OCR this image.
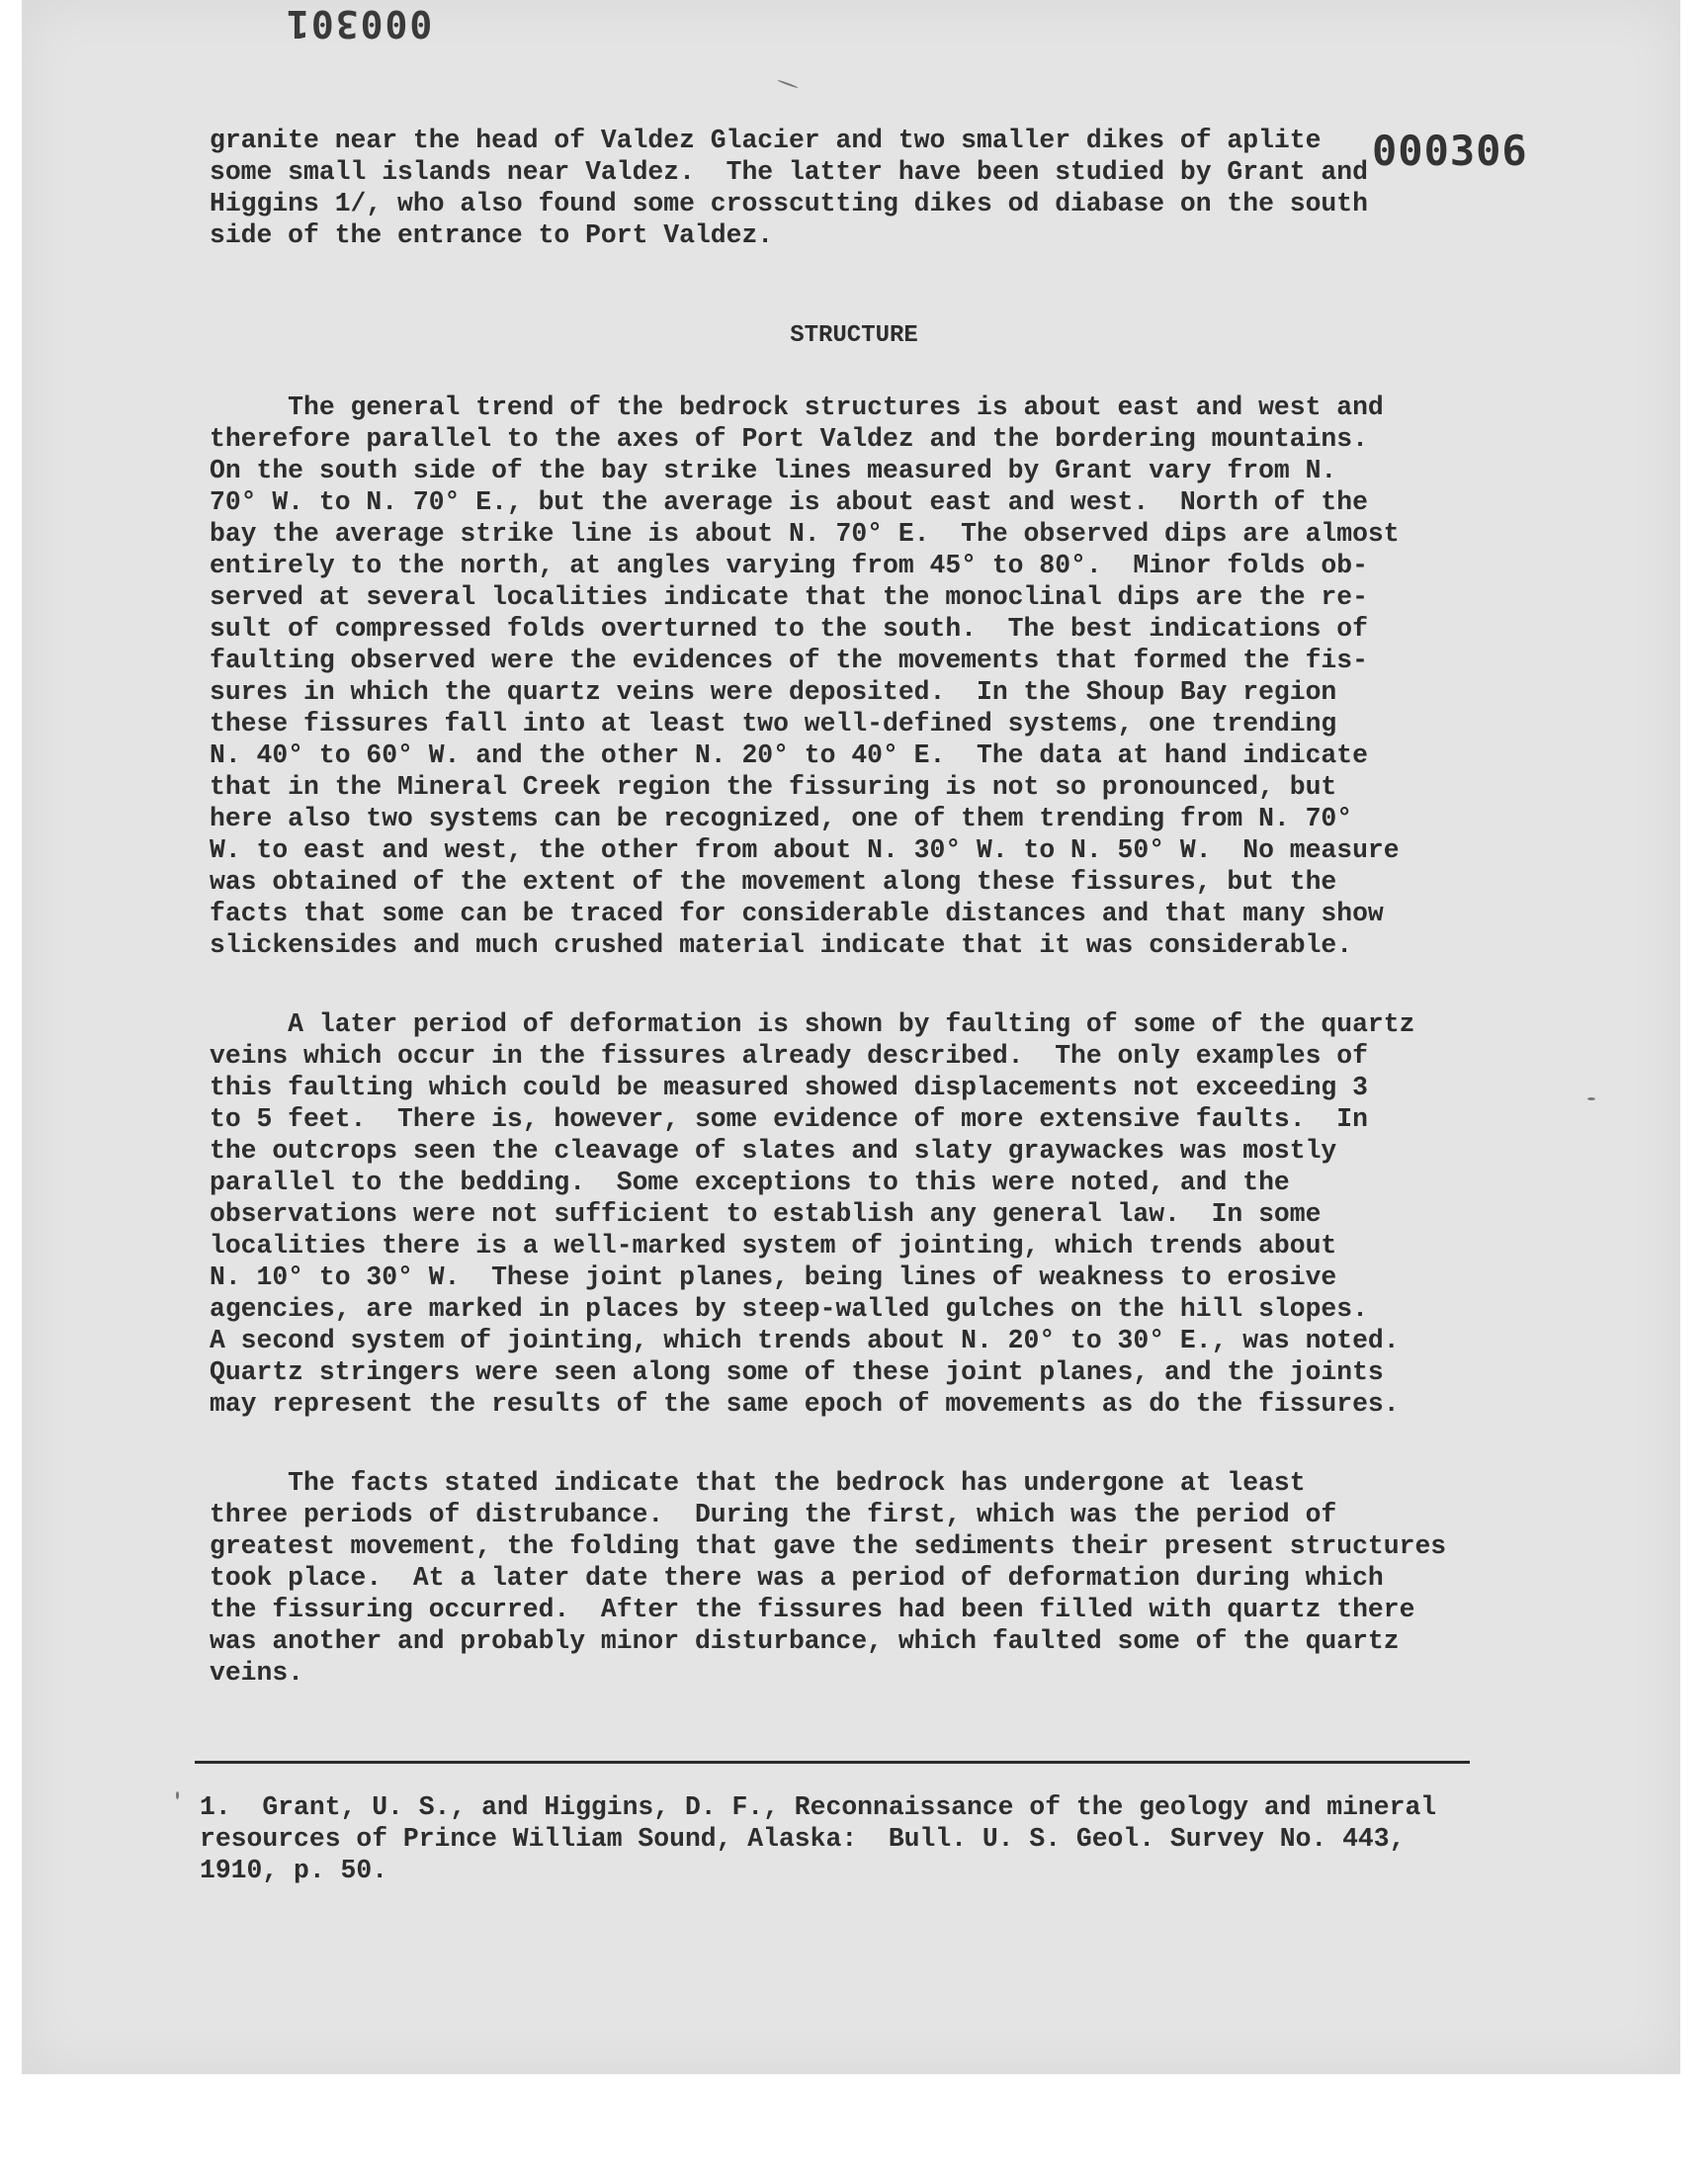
000301
000306
granite near the head of Valdez Glacier and two smaller dikes of aplite
some small islands near Valdez.  The latter have been studied by Grant and
Higgins 1/, who also found some crosscutting dikes od diabase on the south
side of the entrance to Port Valdez.
STRUCTURE
The general trend of the bedrock structures is about east and west and
therefore parallel to the axes of Port Valdez and the bordering mountains.
On the south side of the bay strike lines measured by Grant vary from N.
70° W. to N. 70° E., but the average is about east and west.  North of the
bay the average strike line is about N. 70° E.  The observed dips are almost
entirely to the north, at angles varying from 45° to 80°.  Minor folds ob-
served at several localities indicate that the monoclinal dips are the re-
sult of compressed folds overturned to the south.  The best indications of
faulting observed were the evidences of the movements that formed the fis-
sures in which the quartz veins were deposited.  In the Shoup Bay region
these fissures fall into at least two well-defined systems, one trending
N. 40° to 60° W. and the other N. 20° to 40° E.  The data at hand indicate
that in the Mineral Creek region the fissuring is not so pronounced, but
here also two systems can be recognized, one of them trending from N. 70°
W. to east and west, the other from about N. 30° W. to N. 50° W.  No measure
was obtained of the extent of the movement along these fissures, but the
facts that some can be traced for considerable distances and that many show
slickensides and much crushed material indicate that it was considerable.
A later period of deformation is shown by faulting of some of the quartz
veins which occur in the fissures already described.  The only examples of
this faulting which could be measured showed displacements not exceeding 3
to 5 feet.  There is, however, some evidence of more extensive faults.  In
the outcrops seen the cleavage of slates and slaty graywackes was mostly
parallel to the bedding.  Some exceptions to this were noted, and the
observations were not sufficient to establish any general law.  In some
localities there is a well-marked system of jointing, which trends about
N. 10° to 30° W.  These joint planes, being lines of weakness to erosive
agencies, are marked in places by steep-walled gulches on the hill slopes.
A second system of jointing, which trends about N. 20° to 30° E., was noted.
Quartz stringers were seen along some of these joint planes, and the joints
may represent the results of the same epoch of movements as do the fissures.
The facts stated indicate that the bedrock has undergone at least
three periods of distrubance.  During the first, which was the period of
greatest movement, the folding that gave the sediments their present structures
took place.  At a later date there was a period of deformation during which
the fissuring occurred.  After the fissures had been filled with quartz there
was another and probably minor disturbance, which faulted some of the quartz
veins.
1.  Grant, U. S., and Higgins, D. F., Reconnaissance of the geology and mineral
resources of Prince William Sound, Alaska:  Bull. U. S. Geol. Survey No. 443,
1910, p. 50.
